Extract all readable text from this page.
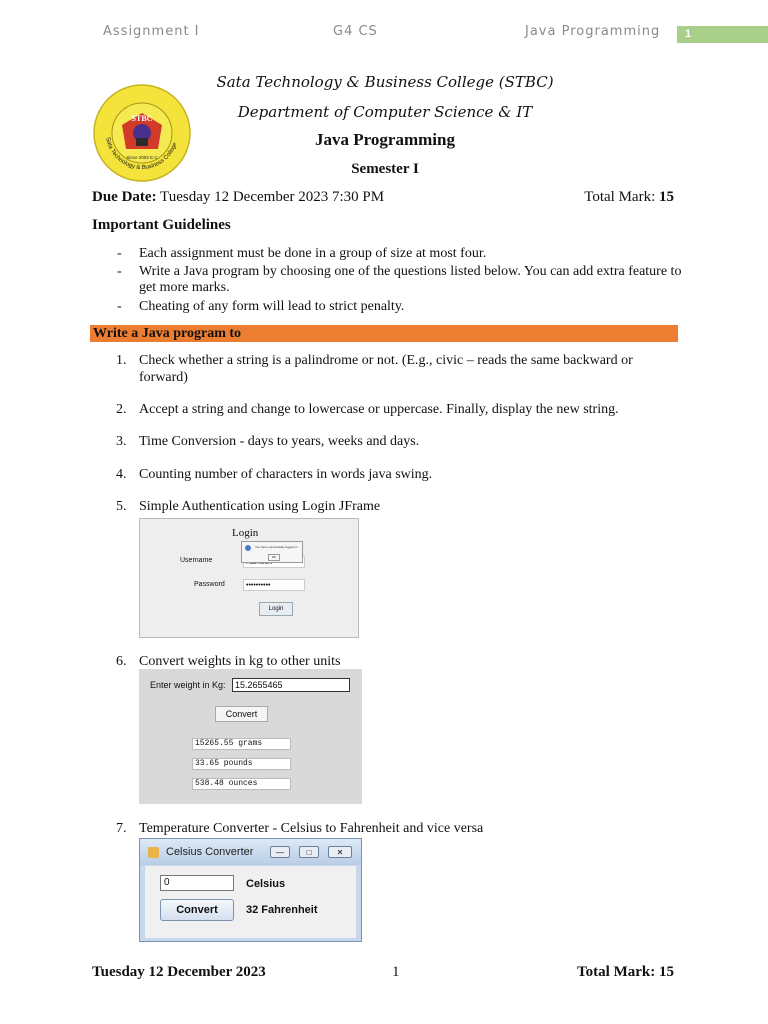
Assignment I	G4 CS	Java Programming	1
STBC
Since 2002 E.C
Sata Technology & Business College
Sata Technology & Business College (STBC)
Department of Computer Science & IT
Java Programming
Semester I
Due Date: Tuesday 12 December 2023 7:30 PM	Total Mark: 15
Important Guidelines
- Each assignment must be done in a group of size at most four.
- Write a Java program by choosing one of the questions listed below. You can add extra feature to get more marks.
- Cheating of any form will lead to strict penalty.
Write a Java program to
1. Check whether a string is a palindrome or not. (E.g., civic – reads the same backward or forward)
2. Accept a string and change to lowercase or uppercase. Finally, display the new string.
3. Time Conversion - days to years, weeks and days.
4. Counting number of characters in words java swing.
5. Simple Authentication using Login JFrame
Login
Username
Password	••••••••••
Login
You have successfully logged in
OK
6. Convert weights in kg to other units
Enter weight in Kg:	15.2655465
Convert
15265.55 grams
33.65 pounds
538.48 ounces
7. Temperature Converter - Celsius to Fahrenheit and vice versa
Celsius Converter	—	□	✕
0	Celsius
Convert	32 Fahrenheit
Tuesday 12 December 2023	1	Total Mark: 15
